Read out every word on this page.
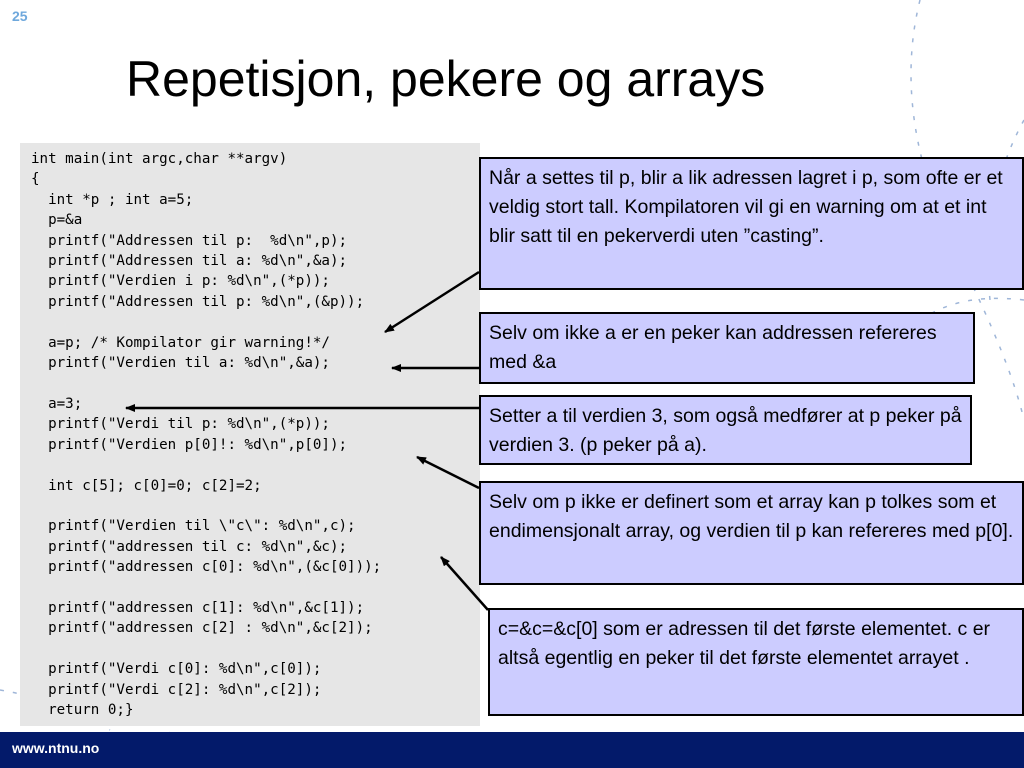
25
Repetisjon, pekere og arrays
int main(int argc,char **argv)
{
int *p ; int a=5;
p=&a
printf("Addressen til p:  %d\n",p);
printf("Addressen til a: %d\n",&a);
printf("Verdien i p: %d\n",(*p));
printf("Addressen til p: %d\n",(&p));

a=p; /* Kompilator gir warning!*/
printf("Verdien til a: %d\n",&a);

a=3;
printf("Verdi til p: %d\n",(*p));
printf("Verdien p[0]!: %d\n",p[0]);

int c[5]; c[0]=0; c[2]=2;

printf("Verdien til \"c\": %d\n",c);
printf("addressen til c: %d\n",&c);
printf("addressen c[0]: %d\n",(&c[0]));

printf("addressen c[1]: %d\n",&c[1]);
printf("addressen c[2] : %d\n",&c[2]);

printf("Verdi c[0]: %d\n",c[0]);
printf("Verdi c[2]: %d\n",c[2]);
return 0;}
Når a settes til p, blir a lik adressen lagret i p, som ofte er et veldig stort tall. Kompilatoren vil gi en warning om at et int blir satt til en pekerverdi uten ”casting”.
Selv om ikke a er en peker kan addressen refereres med &a
Setter a til verdien 3, som også medfører at p peker på verdien 3. (p peker på a).
Selv om p ikke er definert som et array kan p tolkes som et endimensjonalt array, og verdien til p kan refereres med p[0].
c=&c=&c[0] som er adressen til det første elementet. c er altså egentlig en peker til det første elementet arrayet .
www.ntnu.no
